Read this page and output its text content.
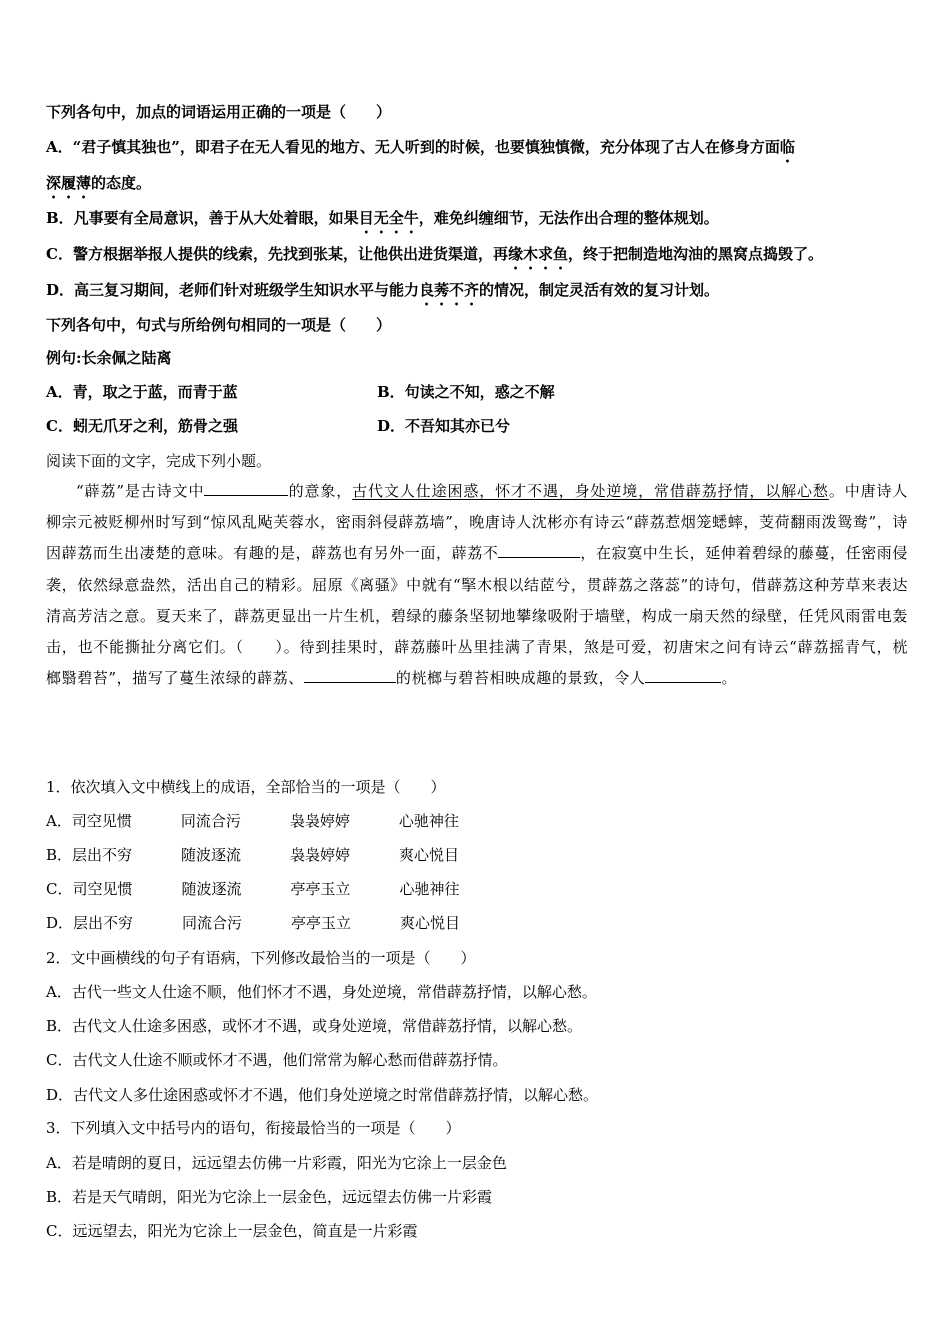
下列各句中，加点的词语运用正确的一项是（　　）
A．“君子慎其独也”，即君子在无人看见的地方、无人听到的时候，也要慎独慎微，充分体现了古人在修身方面临
深履薄的态度。
B．凡事要有全局意识，善于从大处着眼，如果目无全牛，难免纠缠细节，无法作出合理的整体规划。
C．警方根据举报人提供的线索，先找到张某，让他供出进货渠道，再缘木求鱼，终于把制造地沟油的黑窝点捣毁了。
D．高三复习期间，老师们针对班级学生知识水平与能力良莠不齐的情况，制定灵活有效的复习计划。
下列各句中，句式与所给例句相同的一项是（　　）
例句:长余佩之陆离
A．青，取之于蓝，而青于蓝	B．句读之不知，惑之不解
C．蚓无爪牙之利，筋骨之强	D．不吾知其亦已兮
阅读下面的文字，完成下列小题。
“薜荔”是古诗文中	的意象，古代文人仕途困惑，怀才不遇，身处逆境，常借薜荔抒情，以解心愁。中唐诗人柳宗元被贬柳州时写到“惊风乱飐芙蓉水，密雨斜侵薜荔墙”，晚唐诗人沈彬亦有诗云“薜荔惹烟笼蟋蟀，芰荷翻雨泼鸳鸯”，诗因薜荔而生出凄楚的意味。有趣的是，薜荔也有另外一面，薜荔不	，在寂寞中生长，延伸着碧绿的藤蔓，任密雨侵袭，依然绿意盎然，活出自己的精彩。屈原《离骚》中就有“掔木根以结茝兮，贯薜荔之落蕊”的诗句，借薜荔这种芳草来表达清高芳洁之意。夏天来了，薜荔更显出一片生机，碧绿的藤条坚韧地攀缘吸附于墙壁，构成一扇天然的绿壁，任凭风雨雷电轰击，也不能撕扯分离它们。（　　）。待到挂果时，薜荔藤叶丛里挂满了青果，煞是可爱，初唐宋之问有诗云“薜荔摇青气，桄榔翳碧苔”，描写了蔓生浓绿的薜荔、	的桄榔与碧苔相映成趣的景致，令人	。
1．依次填入文中横线上的成语，全部恰当的一项是（　　）
A．司空见惯	同流合污	袅袅婷婷	心驰神往
B．层出不穷	随波逐流	袅袅婷婷	爽心悦目
C．司空见惯	随波逐流	亭亭玉立	心驰神往
D．层出不穷	同流合污	亭亭玉立	爽心悦目
2．文中画横线的句子有语病，下列修改最恰当的一项是（　　）
A．古代一些文人仕途不顺，他们怀才不遇，身处逆境，常借薜荔抒情，以解心愁。
B．古代文人仕途多困惑，或怀才不遇，或身处逆境，常借薜荔抒情，以解心愁。
C．古代文人仕途不顺或怀才不遇，他们常常为解心愁而借薜荔抒情。
D．古代文人多仕途困惑或怀才不遇，他们身处逆境之时常借薜荔抒情，以解心愁。
3．下列填入文中括号内的语句，衔接最恰当的一项是（　　）
A．若是晴朗的夏日，远远望去仿佛一片彩霞，阳光为它涂上一层金色
B．若是天气晴朗，阳光为它涂上一层金色，远远望去仿佛一片彩霞
C．远远望去，阳光为它涂上一层金色，简直是一片彩霞
